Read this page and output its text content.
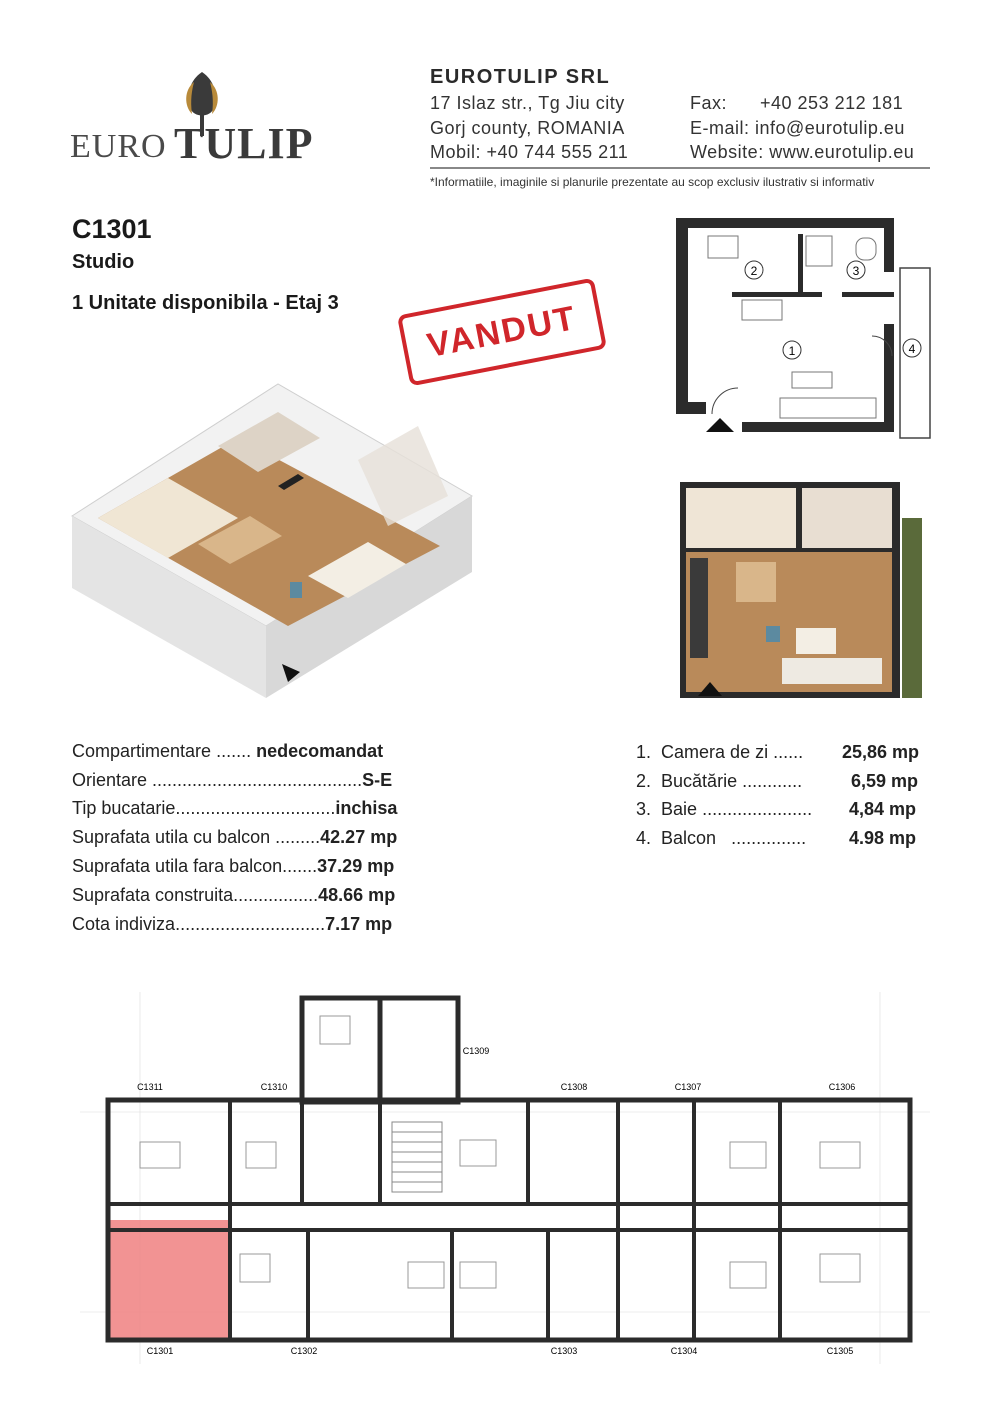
EURO TULIP
EUROTULIP SRL
17 Islaz str., Tg Jiu city
Gorj county, ROMANIA
Mobil: +40 744 555 211
Fax:      +40 253 212 181
E-mail: info@eurotulip.eu
Website: www.eurotulip.eu
*Informatiile, imaginile si planurile prezentate au scop exclusiv ilustrativ si informativ
C1301
Studio
1 Unitate disponibila - Etaj 3	VANDUT
2	3
1	4
Compartimentare ....... nedecomandat
Orientare ..........................................S-E
Tip bucatarie................................inchisa
Suprafata utila cu balcon .........42.27 mp
Suprafata utila fara balcon.......37.29 mp
Suprafata construita.................48.66 mp
Cota indiviza..............................7.17 mp
1. Camera de zi ...... 25,86 mp
2. Bucătărie ............	6,59 mp
3. Baie ...................... 4,84 mp
4. Balcon ............... 4.98 mp
C1311	C1310
C1309
C1308	C1307	C1306
C1301	C1302	C1303	C1304	C1305
